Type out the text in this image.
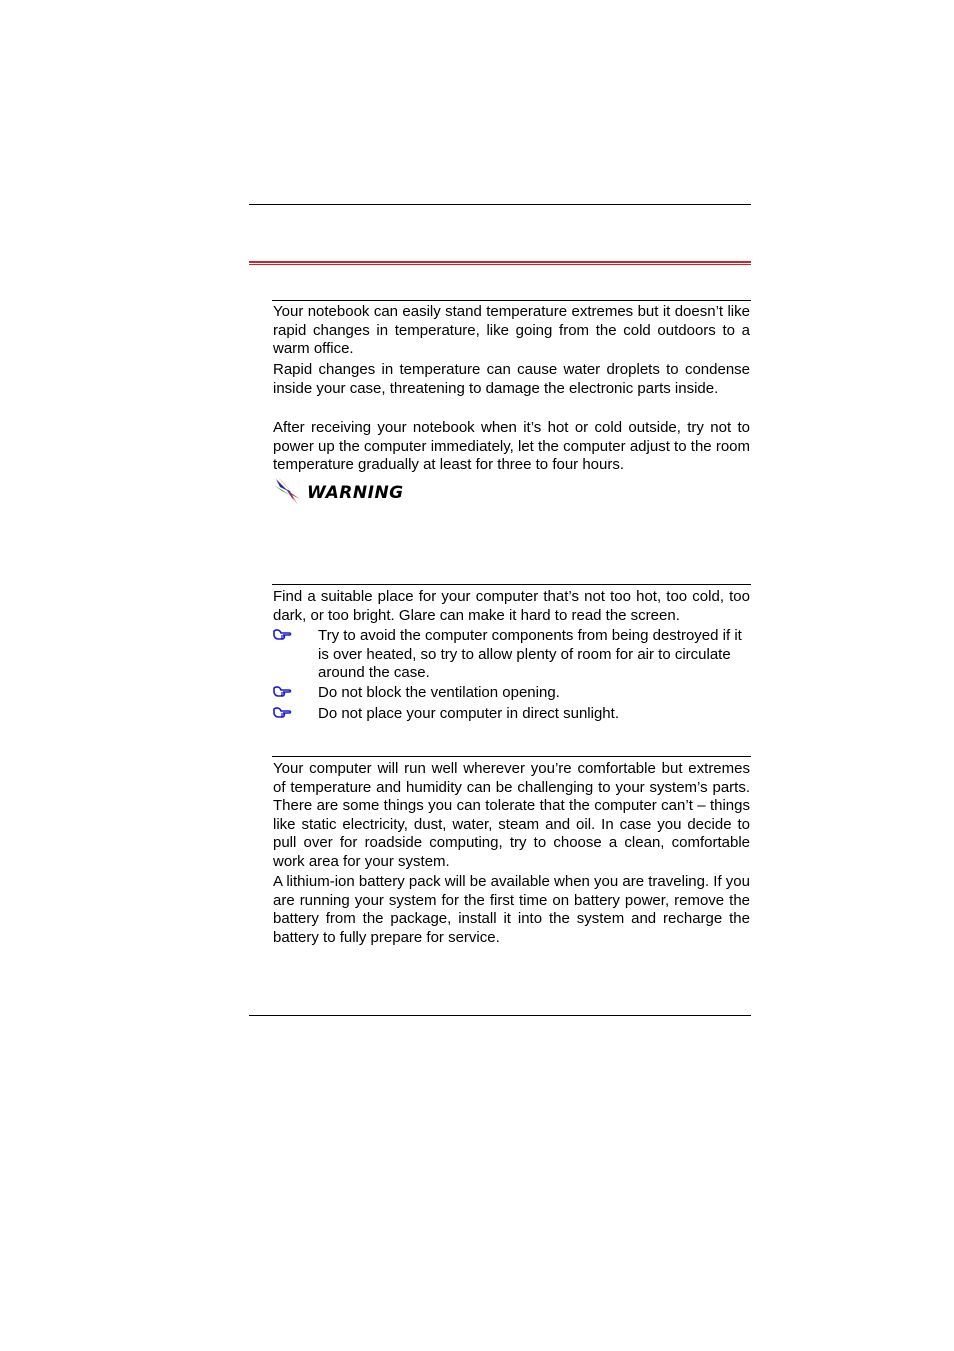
Your notebook can easily stand temperature extremes but it doesn’t like rapid changes in temperature, like going from the cold outdoors to a warm office.

Rapid changes in temperature can cause water droplets to condense inside your case, threatening to damage the electronic parts inside.

After receiving your notebook when it’s hot or cold outside, try not to power up the computer immediately, let the computer adjust to the room temperature gradually at least for three to four hours.

WARNING

Find a suitable place for your computer that’s not too hot, too cold, too dark, or too bright. Glare can make it hard to read the screen.

Try to avoid the computer components from being destroyed if it is over heated, so try to allow plenty of room for air to circulate around the case.
Do not block the ventilation opening.
Do not place your computer in direct sunlight.

Your computer will run well wherever you’re comfortable but extremes of temperature and humidity can be challenging to your system’s parts. There are some things you can tolerate that the computer can’t – things like static electricity, dust, water, steam and oil. In case you decide to pull over for roadside computing, try to choose a clean, comfortable work area for your system.

A lithium-ion battery pack will be available when you are traveling. If you are running your system for the first time on battery power, remove the battery from the package, install it into the system and recharge the battery to fully prepare for service.
